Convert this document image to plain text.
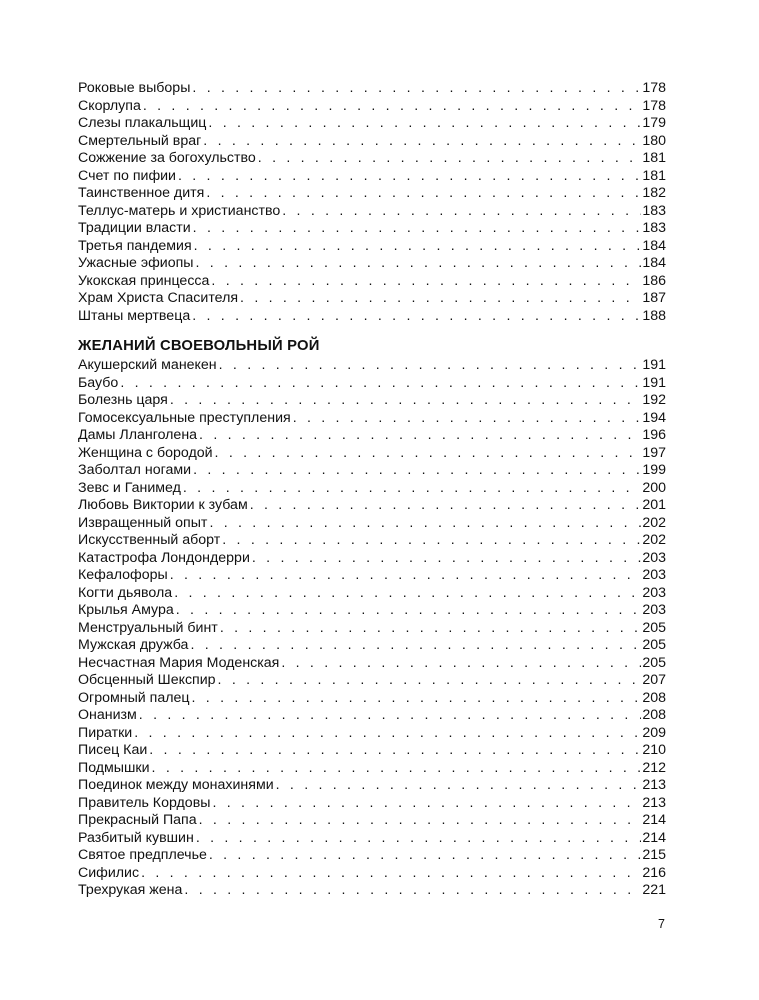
Роковые выборы . . .	178
Скорлупа . . .	178
Слезы плакальщиц . . .	179
Смертельный враг . . .	180
Сожжение за богохульство . . .	181
Счет по пифии . . .	181
Таинственное дитя . . .	182
Теллус-матерь и христианство . . .	183
Традиции власти . . .	183
Третья пандемия . . .	184
Ужасные эфиопы . . .	184
Укокская принцесса . . .	186
Храм Христа Спасителя . . .	187
Штаны мертвеца . . .	188
ЖЕЛАНИЙ СВОЕВОЛЬНЫЙ РОЙ
Акушерский манекен . . .	191
Баубо . . .	191
Болезнь царя . . .	192
Гомосексуальные преступления . . .	194
Дамы Лланголена . . .	196
Женщина с бородой . . .	197
Заболтал ногами . . .	199
Зевс и Ганимед . . .	200
Любовь Виктории к зубам . . .	201
Извращенный опыт . . .	202
Искусственный аборт . . .	202
Катастрофа Лондондерри . . .	203
Кефалофоры . . .	203
Когти дьявола . . .	203
Крылья Амура . . .	203
Менструальный бинт . . .	205
Мужская дружба . . .	205
Несчастная Мария Моденская . . .	205
Обсценный Шекспир . . .	207
Огромный палец . . .	208
Онанизм . . .	208
Пиратки . . .	209
Писец Каи . . .	210
Подмышки . . .	212
Поединок между монахинями . . .	213
Правитель Кордовы . . .	213
Прекрасный Папа . . .	214
Разбитый кувшин . . .	214
Святое предплечье . . .	215
Сифилис . . .	216
Трехрукая жена . . .	221
7
